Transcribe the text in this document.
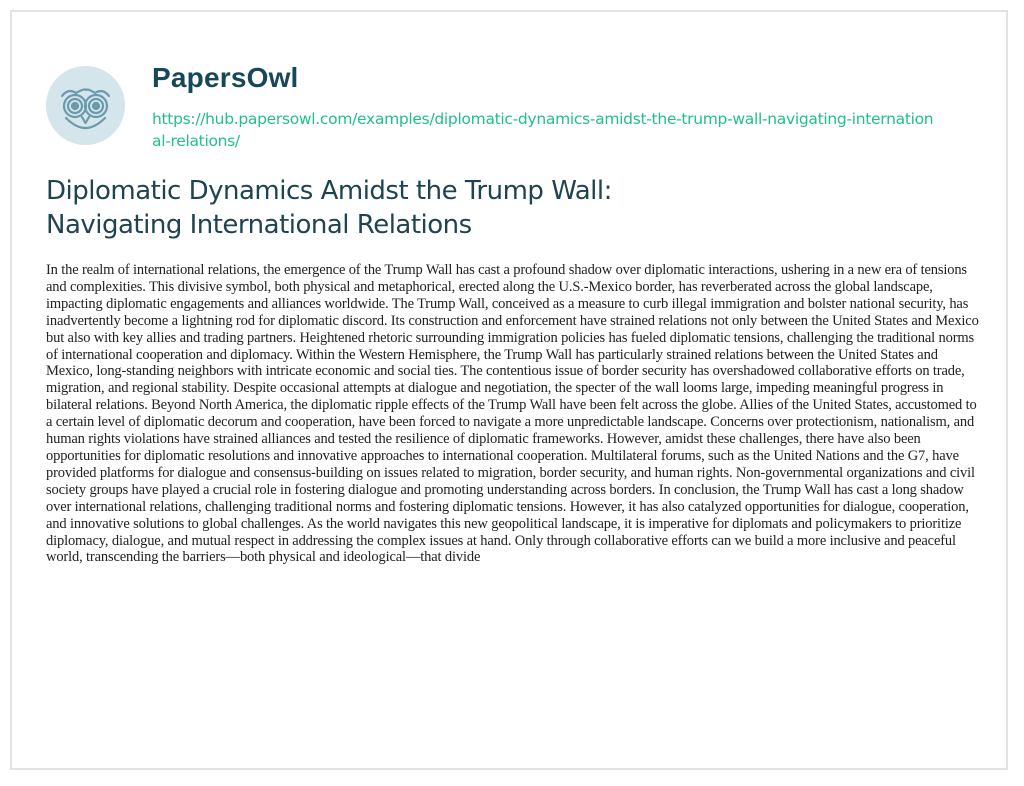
PapersOwl
https://hub.papersowl.com/examples/diplomatic-dynamics-amidst-the-trump-wall-navigating-international-relations/
Diplomatic Dynamics Amidst the Trump Wall:
Navigating International Relations

In the realm of international relations, the emergence of the Trump Wall has cast a profound shadow over diplomatic interactions, ushering in a new era of tensions and complexities. This divisive symbol, both physical and metaphorical, erected along the U.S.-Mexico border, has reverberated across the global landscape, impacting diplomatic engagements and alliances worldwide. The Trump Wall, conceived as a measure to curb illegal immigration and bolster national security, has inadvertently become a lightning rod for diplomatic discord. Its construction and enforcement have strained relations not only between the United States and Mexico but also with key allies and trading partners. Heightened rhetoric surrounding immigration policies has fueled diplomatic tensions, challenging the traditional norms of international cooperation and diplomacy. Within the Western Hemisphere, the Trump Wall has particularly strained relations between the United States and Mexico, long-standing neighbors with intricate economic and social ties. The contentious issue of border security has overshadowed collaborative efforts on trade, migration, and regional stability. Despite occasional attempts at dialogue and negotiation, the specter of the wall looms large, impeding meaningful progress in bilateral relations. Beyond North America, the diplomatic ripple effects of the Trump Wall have been felt across the globe. Allies of the United States, accustomed to a certain level of diplomatic decorum and cooperation, have been forced to navigate a more unpredictable landscape. Concerns over protectionism, nationalism, and human rights violations have strained alliances and tested the resilience of diplomatic frameworks. However, amidst these challenges, there have also been opportunities for diplomatic resolutions and innovative approaches to international cooperation. Multilateral forums, such as the United Nations and the G7, have provided platforms for dialogue and consensus-building on issues related to migration, border security, and human rights. Non-governmental organizations and civil society groups have played a crucial role in fostering dialogue and promoting understanding across borders. In conclusion, the Trump Wall has cast a long shadow over international relations, challenging traditional norms and fostering diplomatic tensions. However, it has also catalyzed opportunities for dialogue, cooperation, and innovative solutions to global challenges. As the world navigates this new geopolitical landscape, it is imperative for diplomats and policymakers to prioritize diplomacy, dialogue, and mutual respect in addressing the complex issues at hand. Only through collaborative efforts can we build a more inclusive and peaceful world, transcending the barriers—both physical and ideological—that divide
